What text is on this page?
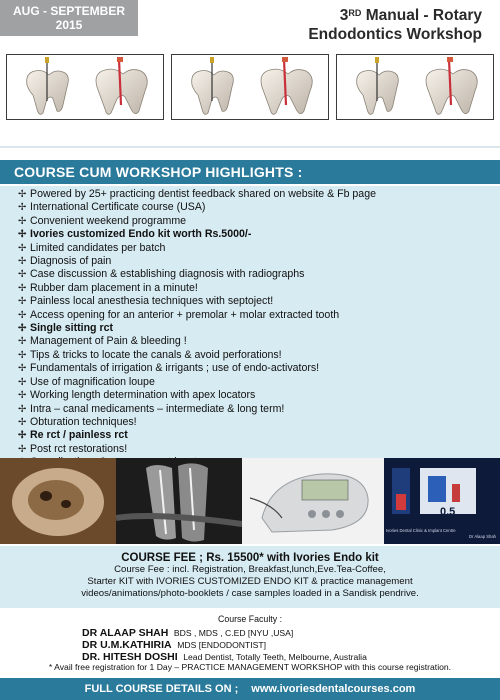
AUG - SEPTEMBER 2015
3RD Manual - Rotary
Endodontics Workshop
COURSE CUM WORKSHOP HIGHLIGHTS :
✢ Powered by 25+ practicing dentist feedback shared on website & Fb page
✢ International Certificate course (USA)
✢ Convenient weekend programme
✢ Ivories customized Endo kit worth Rs.5000/-
✢ Limited candidates per batch
✢ Diagnosis of pain
✢ Case discussion & establishing diagnosis with radiographs
✢ Rubber dam placement in a minute!
✢ Painless local anesthesia techniques with septoject!
✢ Access opening for an anterior + premolar + molar extracted tooth
✢ Single sitting rct
✢ Management of Pain & bleeding !
✢ Tips & tricks to locate the canals & avoid perforations!
✢ Fundamentals of irrigation & irrigants ; use of endo-activators!
✢ Use of magnification loupe
✢ Working length determination with apex locators
✢ Intra – canal medicaments – intermediate & long term!
✢ Obturation techniques!
✢ Re rct / painless rct
✢ Post rct restorations!
0.5
Ivories Dental Clinic & Implant Centre
Dr Alaap Shah
COURSE FEE ; Rs. 15500* with Ivories Endo kit
Course Fee : incl. Registration, Breakfast,lunch,Eve.Tea-Coffee,
Starter KIT with IVORIES CUSTOMIZED ENDO KIT & practice management
videos/animations/photo-booklets / case samples loaded in a Sandisk pendrive.
Course Faculty :
DR ALAAP SHAH BDS , MDS , C.ED [NYU ,USA]
DR U.M.KATHIRIA MDS [ENDODONTIST]
DR. HITESH DOSHI Lead Dentist, Totally Teeth, Melbourne, Australia
* Avail free registration for 1 Day – PRACTICE MANAGEMENT WORKSHOP with this course registration.
FULL COURSE DETAILS ON ; www.ivoriesdentalcourses.com
